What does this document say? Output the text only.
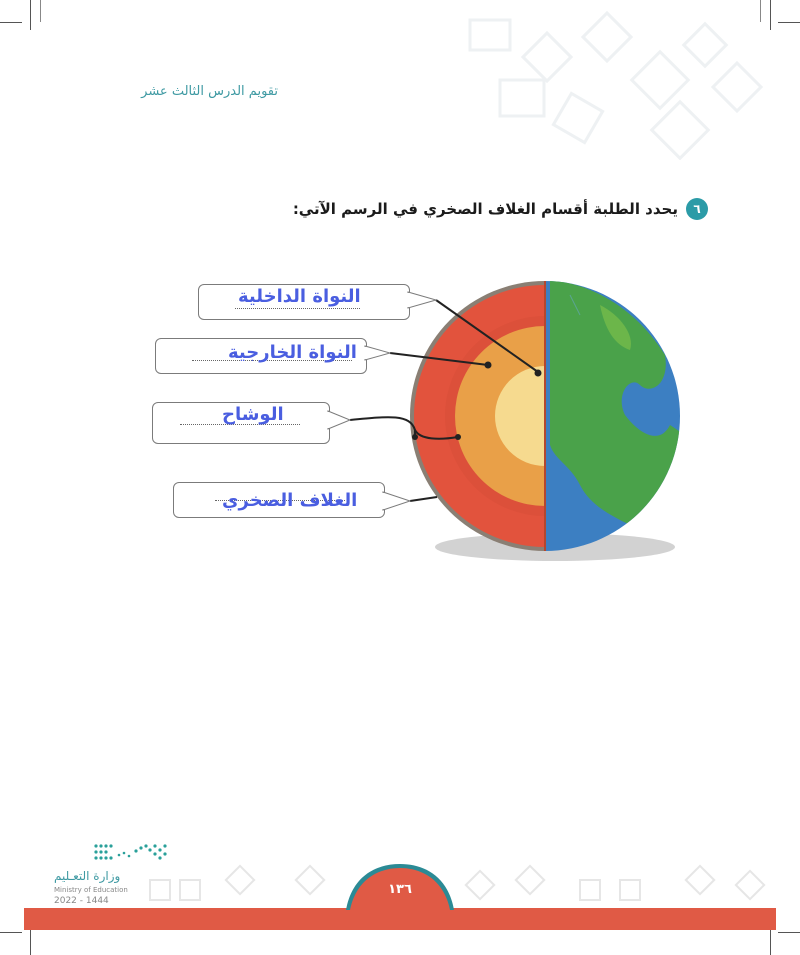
تقويم الدرس الثالث عشر
٦
يحدد الطلبة أقسام الغلاف الصخري في الرسم الآتي:
النواة الداخلية
النواة الخارجية
الوشاح
الغلاف الصخري
وزارة التعـليم
Ministry of Education
2022 - 1444
١٣٦
